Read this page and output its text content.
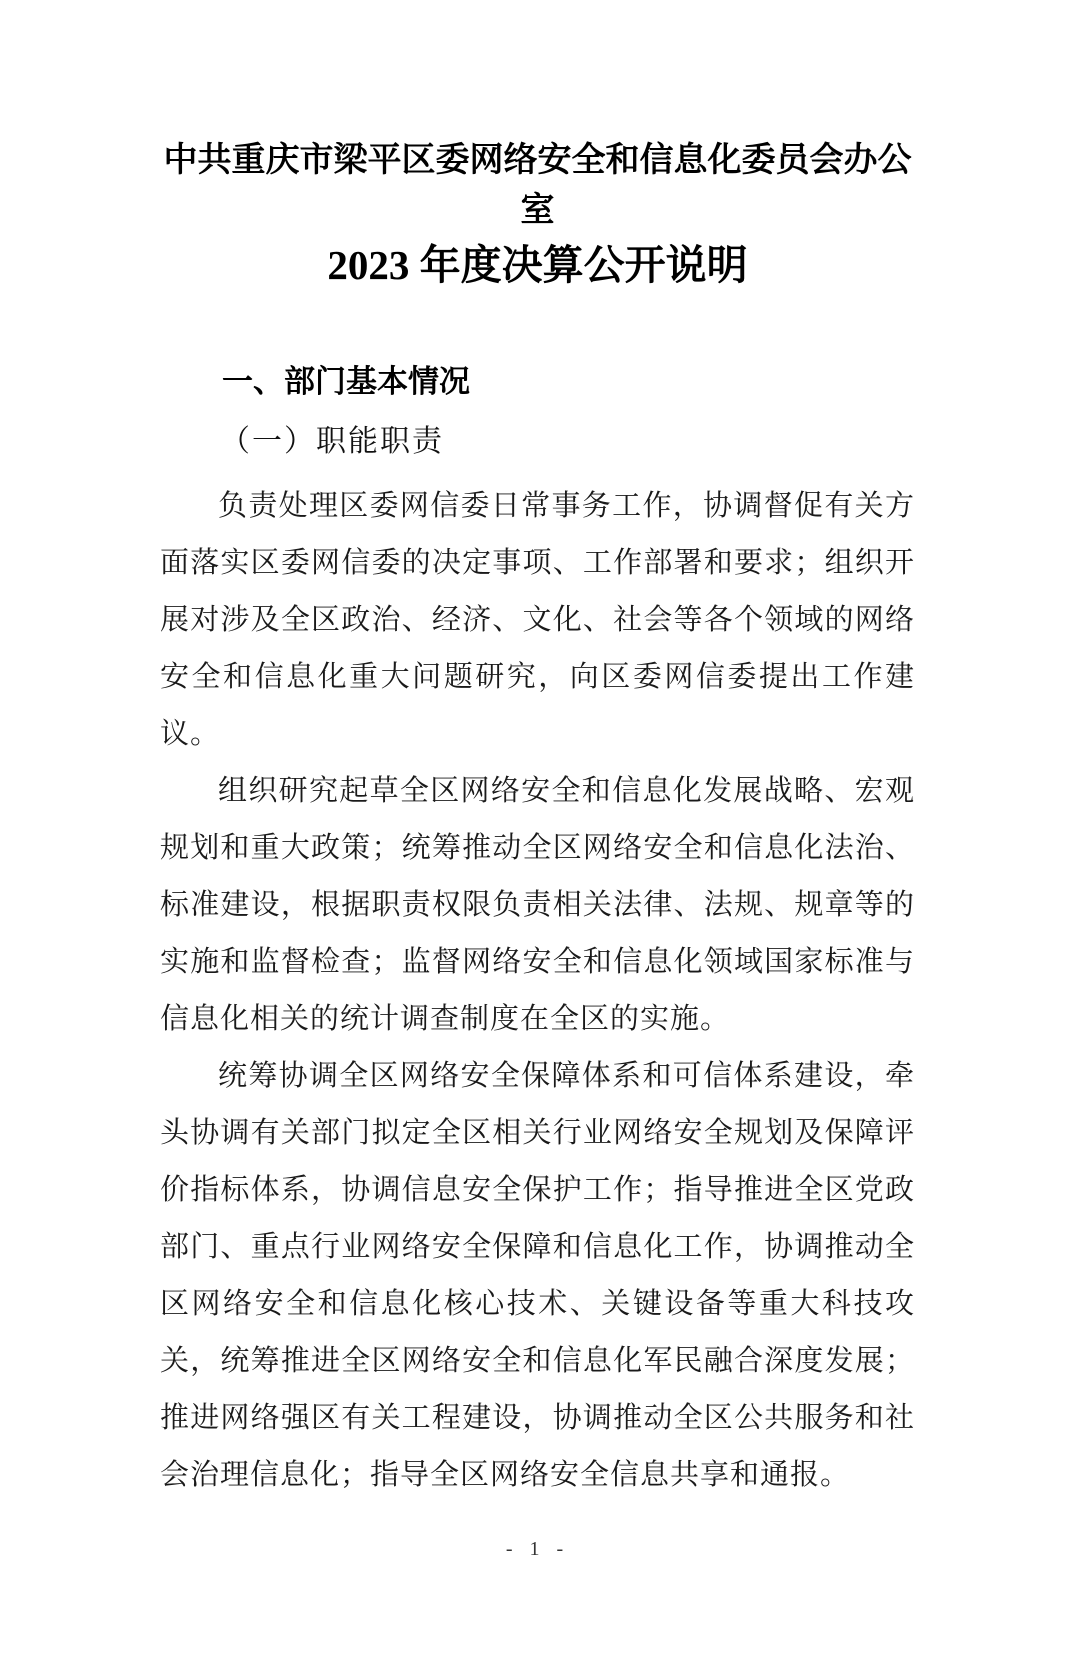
中共重庆市梁平区委网络安全和信息化委员会办公室
2023 年度决算公开说明
一、部门基本情况
（一）职能职责

负责处理区委网信委日常事务工作，协调督促有关方面落实区委网信委的决定事项、工作部署和要求；组织开展对涉及全区政治、经济、文化、社会等各个领域的网络安全和信息化重大问题研究，向区委网信委提出工作建议。

组织研究起草全区网络安全和信息化发展战略、宏观规划和重大政策；统筹推动全区网络安全和信息化法治、标准建设，根据职责权限负责相关法律、法规、规章等的实施和监督检查；监督网络安全和信息化领域国家标准与信息化相关的统计调查制度在全区的实施。

统筹协调全区网络安全保障体系和可信体系建设，牵头协调有关部门拟定全区相关行业网络安全规划及保障评价指标体系，协调信息安全保护工作；指导推进全区党政部门、重点行业网络安全保障和信息化工作，协调推动全区网络安全和信息化核心技术、关键设备等重大科技攻关，统筹推进全区网络安全和信息化军民融合深度发展；推进网络强区有关工程建设，协调推动全区公共服务和社会治理信息化；指导全区网络安全信息共享和通报。

- 1 -
